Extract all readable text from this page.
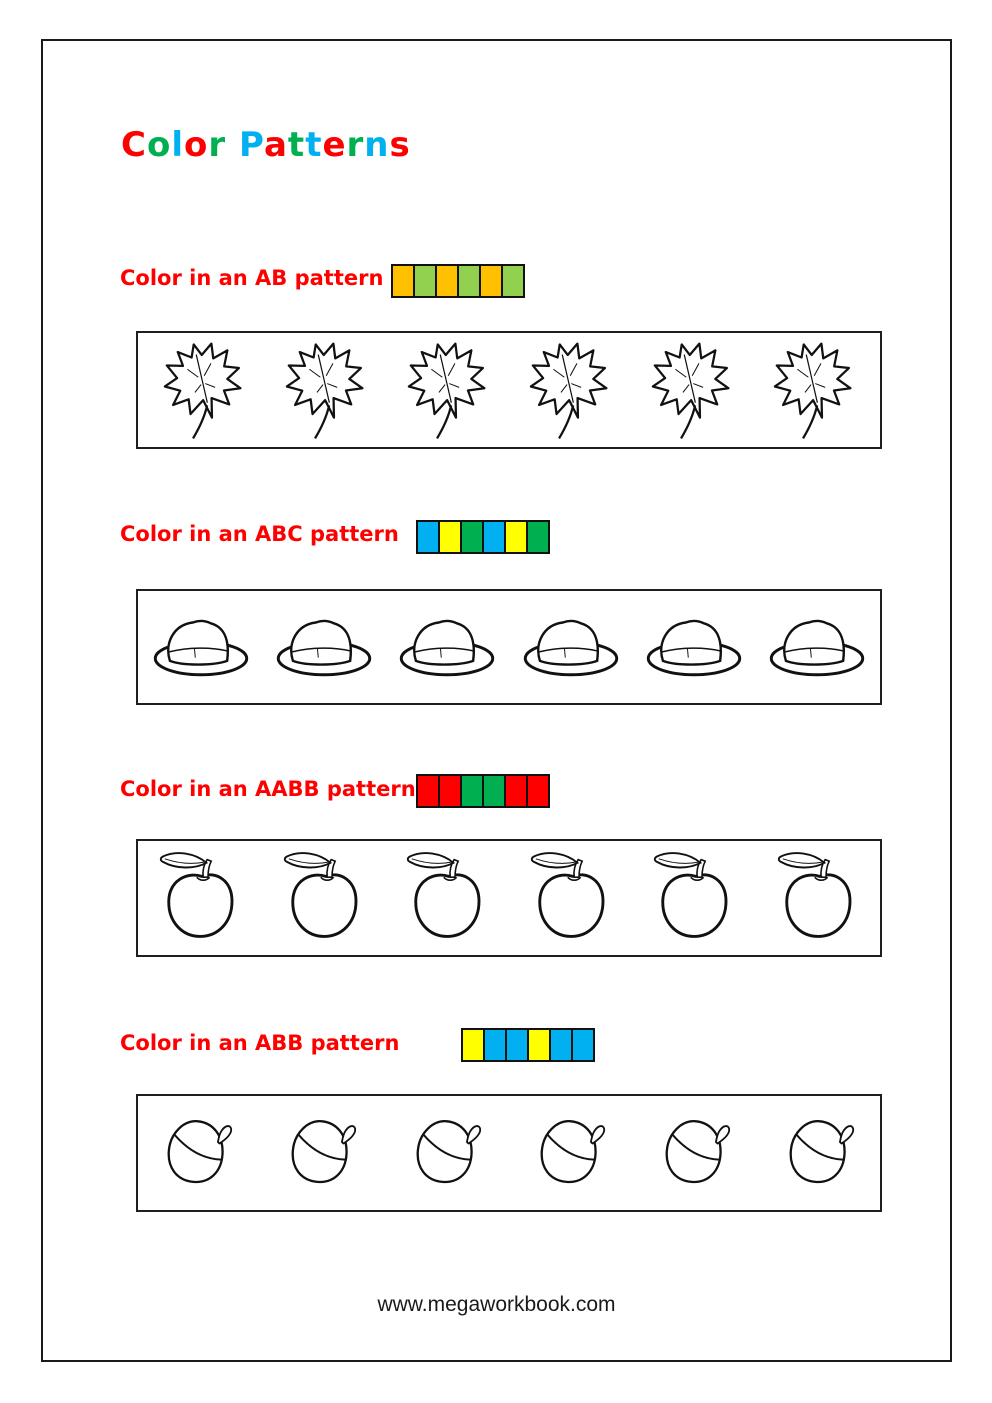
Color Patterns
Color in an AB pattern
Color in an ABC pattern
Color in an AABB pattern
Color in an ABB pattern
www.megaworkbook.com
